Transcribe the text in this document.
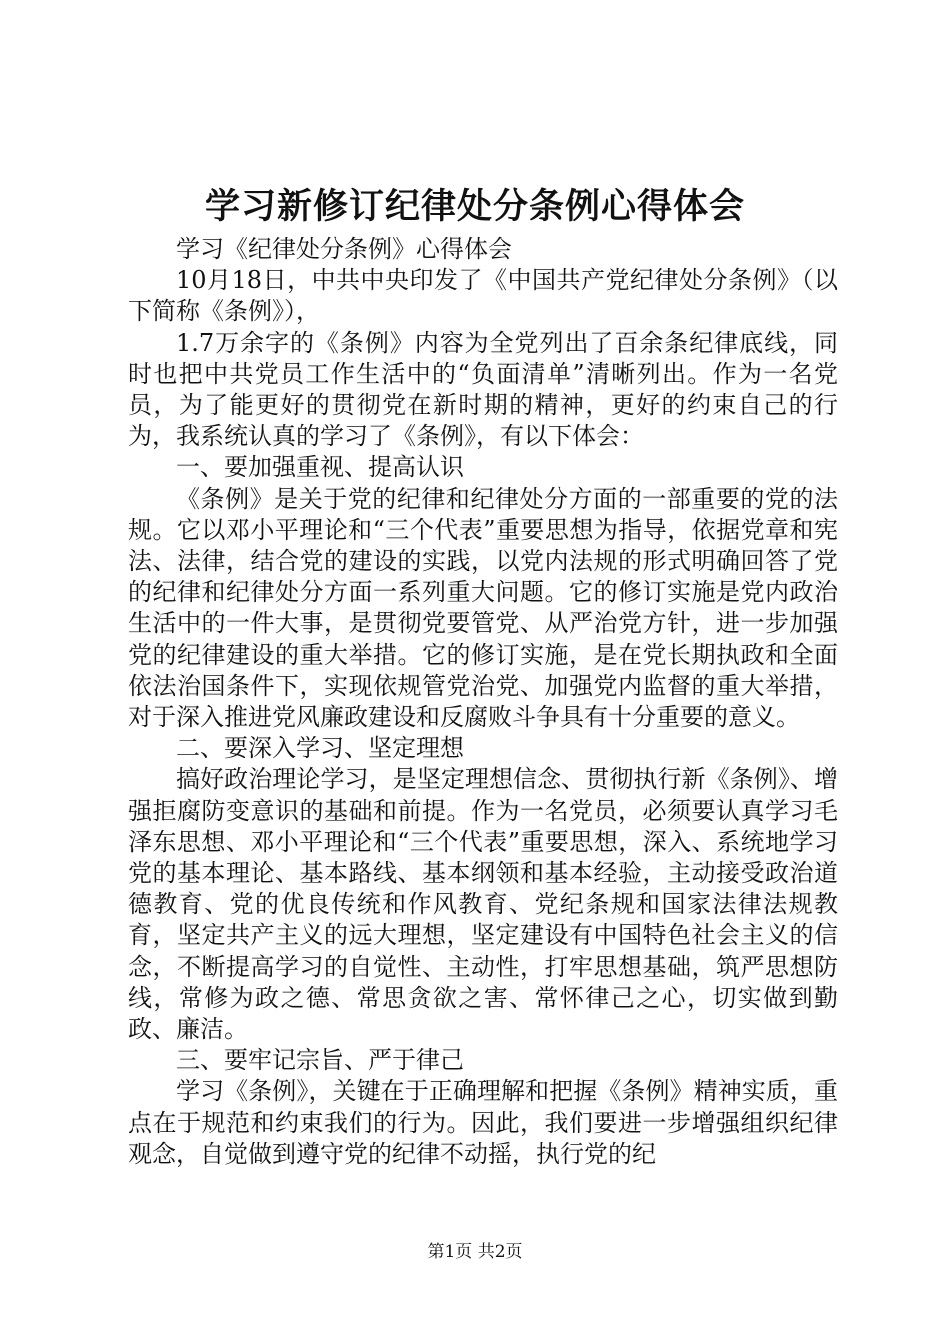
学习新修订纪律处分条例心得体会

学习《纪律处分条例》心得体会

10月18日，中共中央印发了《中国共产党纪律处分条例》（以下简称《条例》），

1.7万余字的《条例》内容为全党列出了百余条纪律底线，同时也把中共党员工作生活中的“负面清单”清晰列出。作为一名党员，为了能更好的贯彻党在新时期的精神，更好的约束自己的行为，我系统认真的学习了《条例》，有以下体会：

一、要加强重视、提高认识

《条例》是关于党的纪律和纪律处分方面的一部重要的党的法规。它以邓小平理论和“三个代表”重要思想为指导，依据党章和宪法、法律，结合党的建设的实践，以党内法规的形式明确回答了党的纪律和纪律处分方面一系列重大问题。它的修订实施是党内政治生活中的一件大事，是贯彻党要管党、从严治党方针，进一步加强党的纪律建设的重大举措。它的修订实施，是在党长期执政和全面依法治国条件下，实现依规管党治党、加强党内监督的重大举措，对于深入推进党风廉政建设和反腐败斗争具有十分重要的意义。

二、要深入学习、坚定理想

搞好政治理论学习，是坚定理想信念、贯彻执行新《条例》、增强拒腐防变意识的基础和前提。作为一名党员，必须要认真学习毛泽东思想、邓小平理论和“三个代表”重要思想，深入、系统地学习党的基本理论、基本路线、基本纲领和基本经验，主动接受政治道德教育、党的优良传统和作风教育、党纪条规和国家法律法规教育，坚定共产主义的远大理想，坚定建设有中国特色社会主义的信念，不断提高学习的自觉性、主动性，打牢思想基础，筑严思想防线，常修为政之德、常思贪欲之害、常怀律己之心，切实做到勤政、廉洁。

三、要牢记宗旨、严于律己

学习《条例》，关键在于正确理解和把握《条例》精神实质，重点在于规范和约束我们的行为。因此，我们要进一步增强组织纪律观念，自觉做到遵守党的纪律不动摇，执行党的纪

第1页 共2页
